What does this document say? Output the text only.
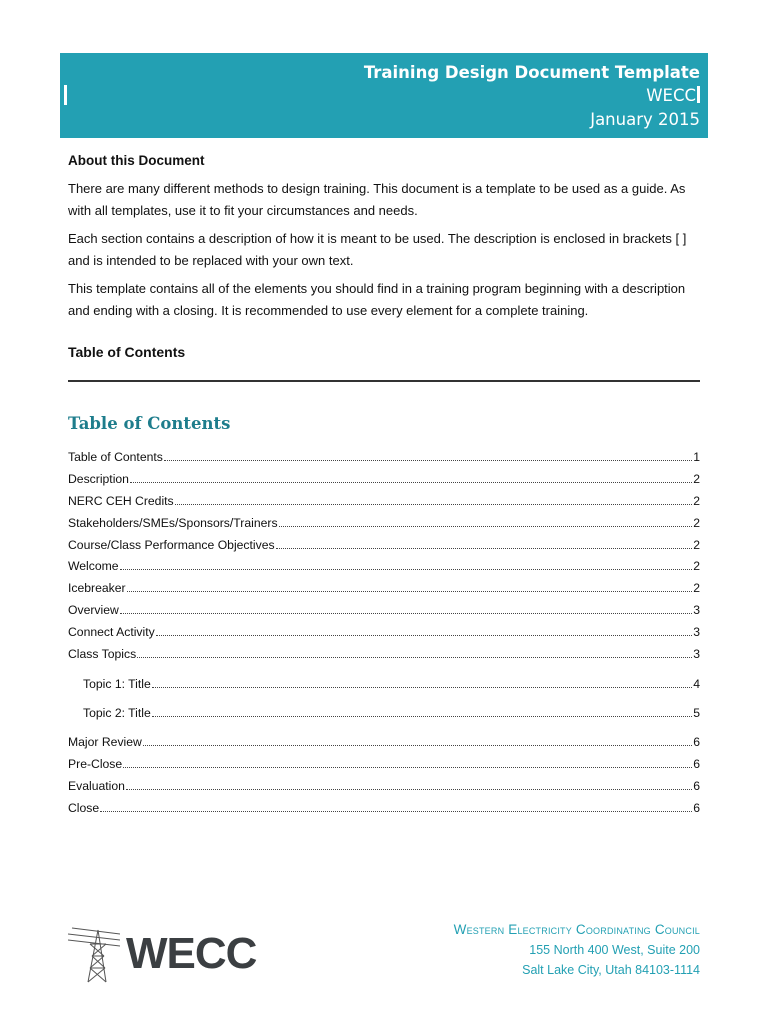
Training Design Document Template
WECC
January 2015
About this Document

There are many different methods to design training. This document is a template to be used as a guide. As with all templates, use it to fit your circumstances and needs.

Each section contains a description of how it is meant to be used. The description is enclosed in brackets [ ] and is intended to be replaced with your own text.

This template contains all of the elements you should find in a training program beginning with a description and ending with a closing. It is recommended to use every element for a complete training.

Table of Contents
Table of Contents
Table of Contents	1
Description	2
NERC CEH Credits	2
Stakeholders/SMEs/Sponsors/Trainers	2
Course/Class Performance Objectives	2
Welcome	2
Icebreaker	2
Overview	3
Connect Activity	3
Class Topics	3
Topic 1: Title	4
Topic 2: Title	5
Major Review	6
Pre-Close	6
Evaluation	6
Close	6
WECC	Western Electricity Coordinating Council
155 North 400 West, Suite 200
Salt Lake City, Utah 84103-1114
